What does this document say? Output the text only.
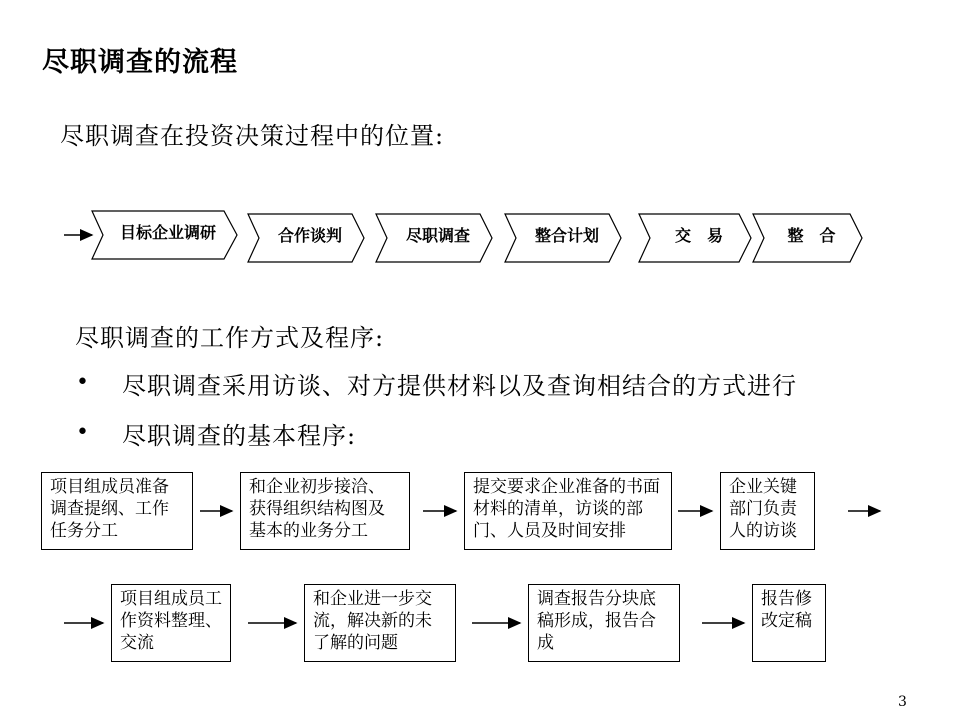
尽职调查的流程
尽职调查在投资决策过程中的位置:
目标企业调研	合作谈判	尽职调查	整合计划	交　易	整　合
尽职调查的工作方式及程序:
• 尽职调查采用访谈、对方提供材料以及查询相结合的方式进行
• 尽职调查的基本程序:
项目组成员准备调查提纲、工作任务分工
和企业初步接洽、获得组织结构图及基本的业务分工
提交要求企业准备的书面材料的清单，访谈的部门、人员及时间安排
企业关键部门负责人的访谈
项目组成员工作资料整理、交流
和企业进一步交流，解决新的未了解的问题
调查报告分块底稿形成，报告合成
报告修改定稿
3
